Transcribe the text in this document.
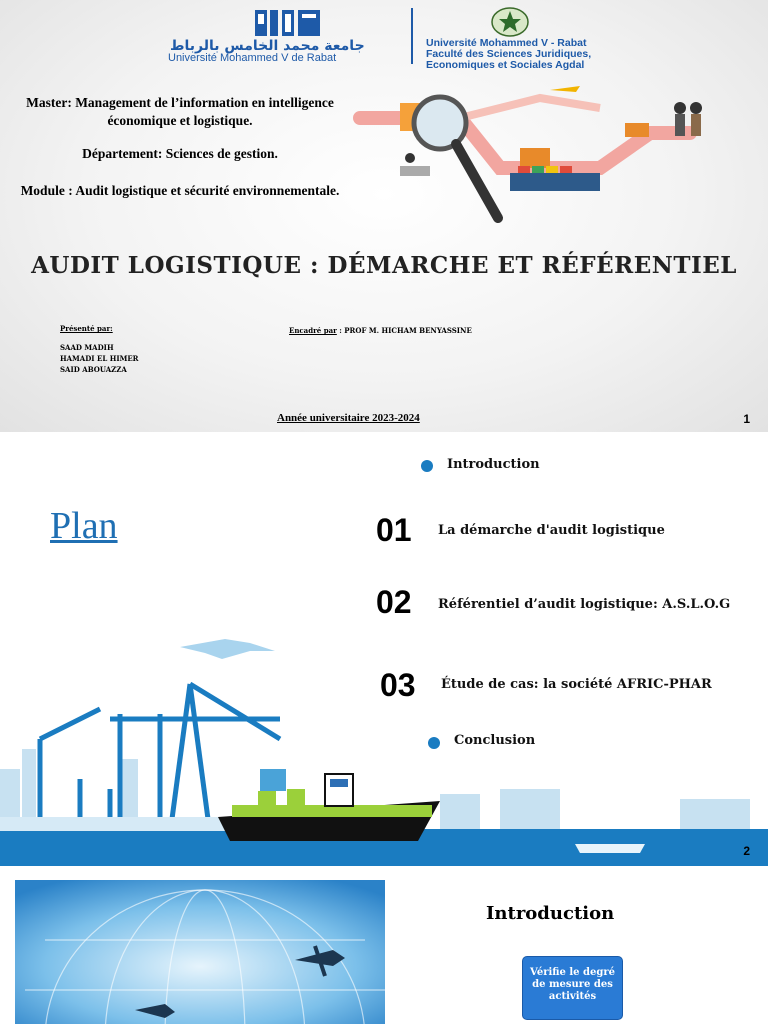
جامعة محمد الخامس بالرباط
Université Mohammed V de Rabat
Université Mohammed V - Rabat
Faculté des Sciences Juridiques,
Economiques et Sociales Agdal
Master: Management de l’information en intelligence économique et logistique.
Département: Sciences de gestion.
Module : Audit logistique et sécurité environnementale.
AUDIT LOGISTIQUE : DÉMARCHE ET RÉFÉRENTIEL
Présenté par:
SAAD MADIH
HAMADI EL HIMER
SAID ABOUAZZA
Encadré par : PROF M. HICHAM BENYASSINE
Année universitaire 2023-2024	1
Plan
Introduction
01 La démarche d'audit logistique
02 Référentiel d’audit logistique: A.S.L.O.G
03 Étude de cas: la société AFRIC-PHAR
Conclusion
2
Introduction
Vérifie le degré de mesure des activités
